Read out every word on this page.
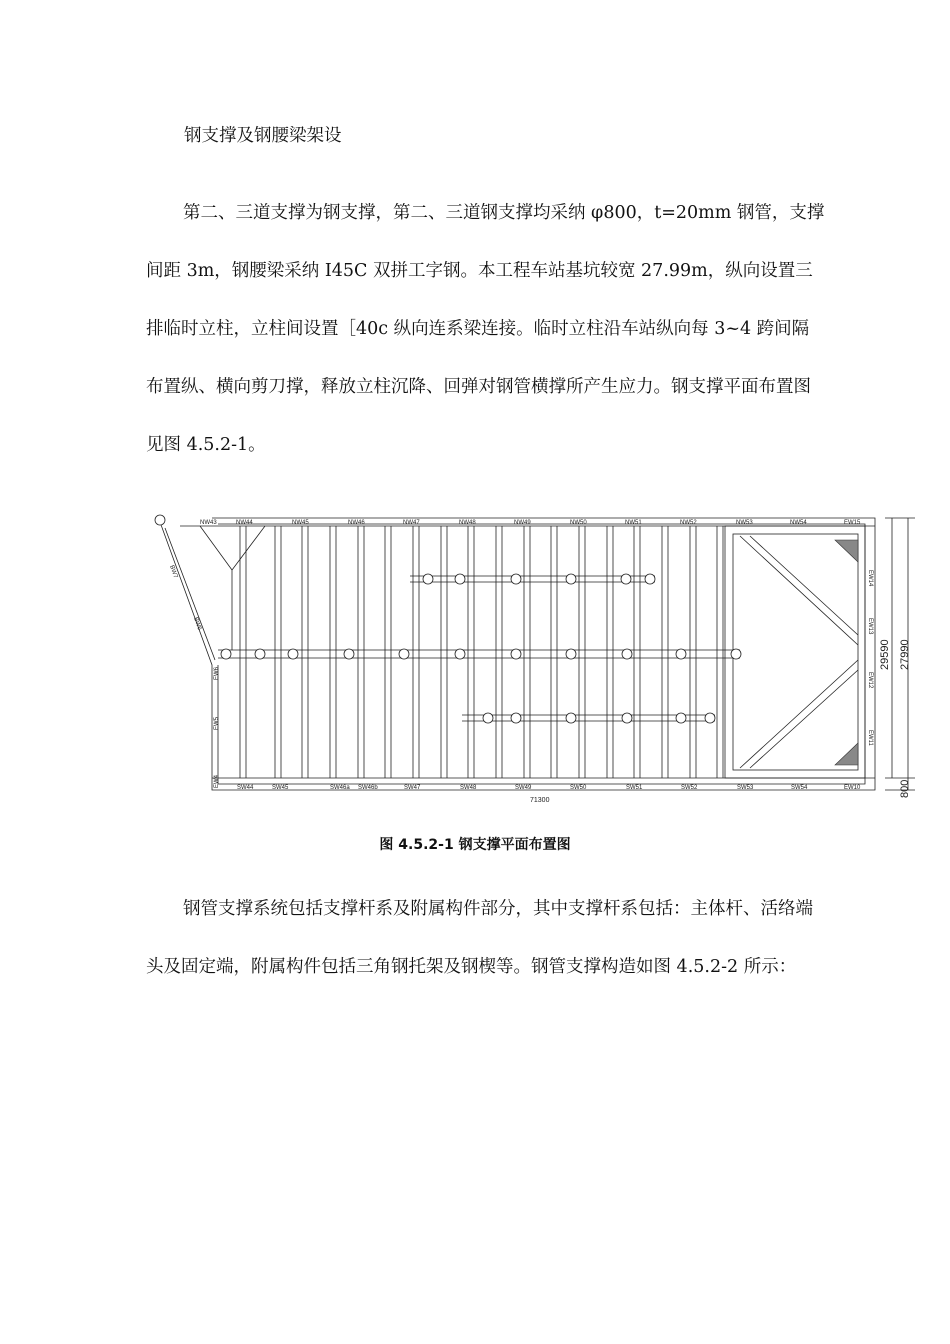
钢支撑及钢腰梁架设

第二、三道支撑为钢支撑，第二、三道钢支撑均采纳 φ800，t=20mm 钢管，支撑间距 3m，钢腰梁采纳 I45C 双拼工字钢。本工程车站基坑较宽 27.99m，纵向设置三排临时立柱，立柱间设置［40c 纵向连系梁连接。临时立柱沿车站纵向每 3~4 跨间隔布置纵、横向剪刀撑，释放立柱沉降、回弹对钢管横撑所产生应力。钢支撑平面布置图见图 4.5.2-1。

NW43	NW44	NW45	NW46	NW47	NW48	NW49	NW50	NW51	NW52	NW53	NW54	EW15
SW44	SW45	SW46a SW46b	SW47	SW48	SW49	SW50	SW51	SW52	SW53	SW54	EW10
EW14
EW13
EW12
EW11
EW6
EW5
EW4
BW7
BW6
29590 27990
800
71300

图 4.5.2-1 钢支撑平面布置图

钢管支撑系统包括支撑杆系及附属构件部分，其中支撑杆系包括：主体杆、活络端头及固定端，附属构件包括三角钢托架及钢楔等。钢管支撑构造如图 4.5.2-2 所示：
